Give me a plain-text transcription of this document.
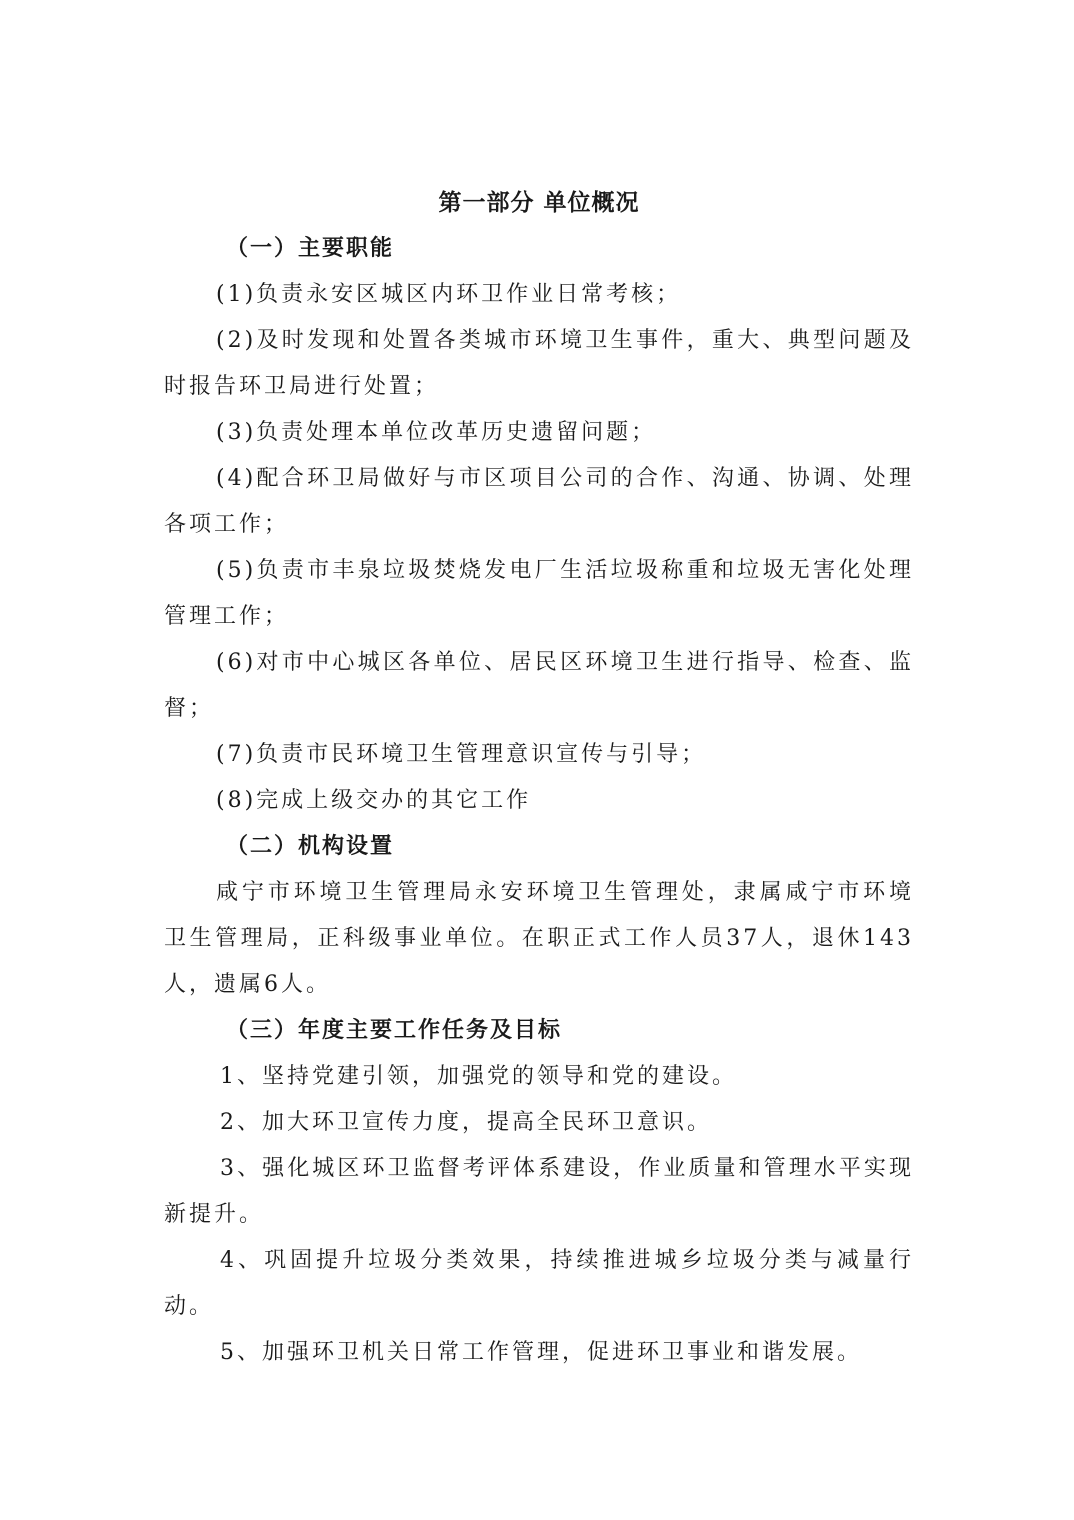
第一部分 单位概况
（一）主要职能

(1)负责永安区城区内环卫作业日常考核；

(2)及时发现和处置各类城市环境卫生事件，重大、典型问题及时报告环卫局进行处置；

(3)负责处理本单位改革历史遗留问题；

(4)配合环卫局做好与市区项目公司的合作、沟通、协调、处理各项工作；

(5)负责市丰泉垃圾焚烧发电厂生活垃圾称重和垃圾无害化处理管理工作；

(6)对市中心城区各单位、居民区环境卫生进行指导、检查、监督；

(7)负责市民环境卫生管理意识宣传与引导；

(8)完成上级交办的其它工作

（二）机构设置

咸宁市环境卫生管理局永安环境卫生管理处，隶属咸宁市环境卫生管理局，正科级事业单位。在职正式工作人员37人，退休143人，遗属6人。

（三）年度主要工作任务及目标

1、坚持党建引领，加强党的领导和党的建设。

2、加大环卫宣传力度，提高全民环卫意识。

3、强化城区环卫监督考评体系建设，作业质量和管理水平实现新提升。

4、巩固提升垃圾分类效果，持续推进城乡垃圾分类与减量行动。

5、加强环卫机关日常工作管理，促进环卫事业和谐发展。
